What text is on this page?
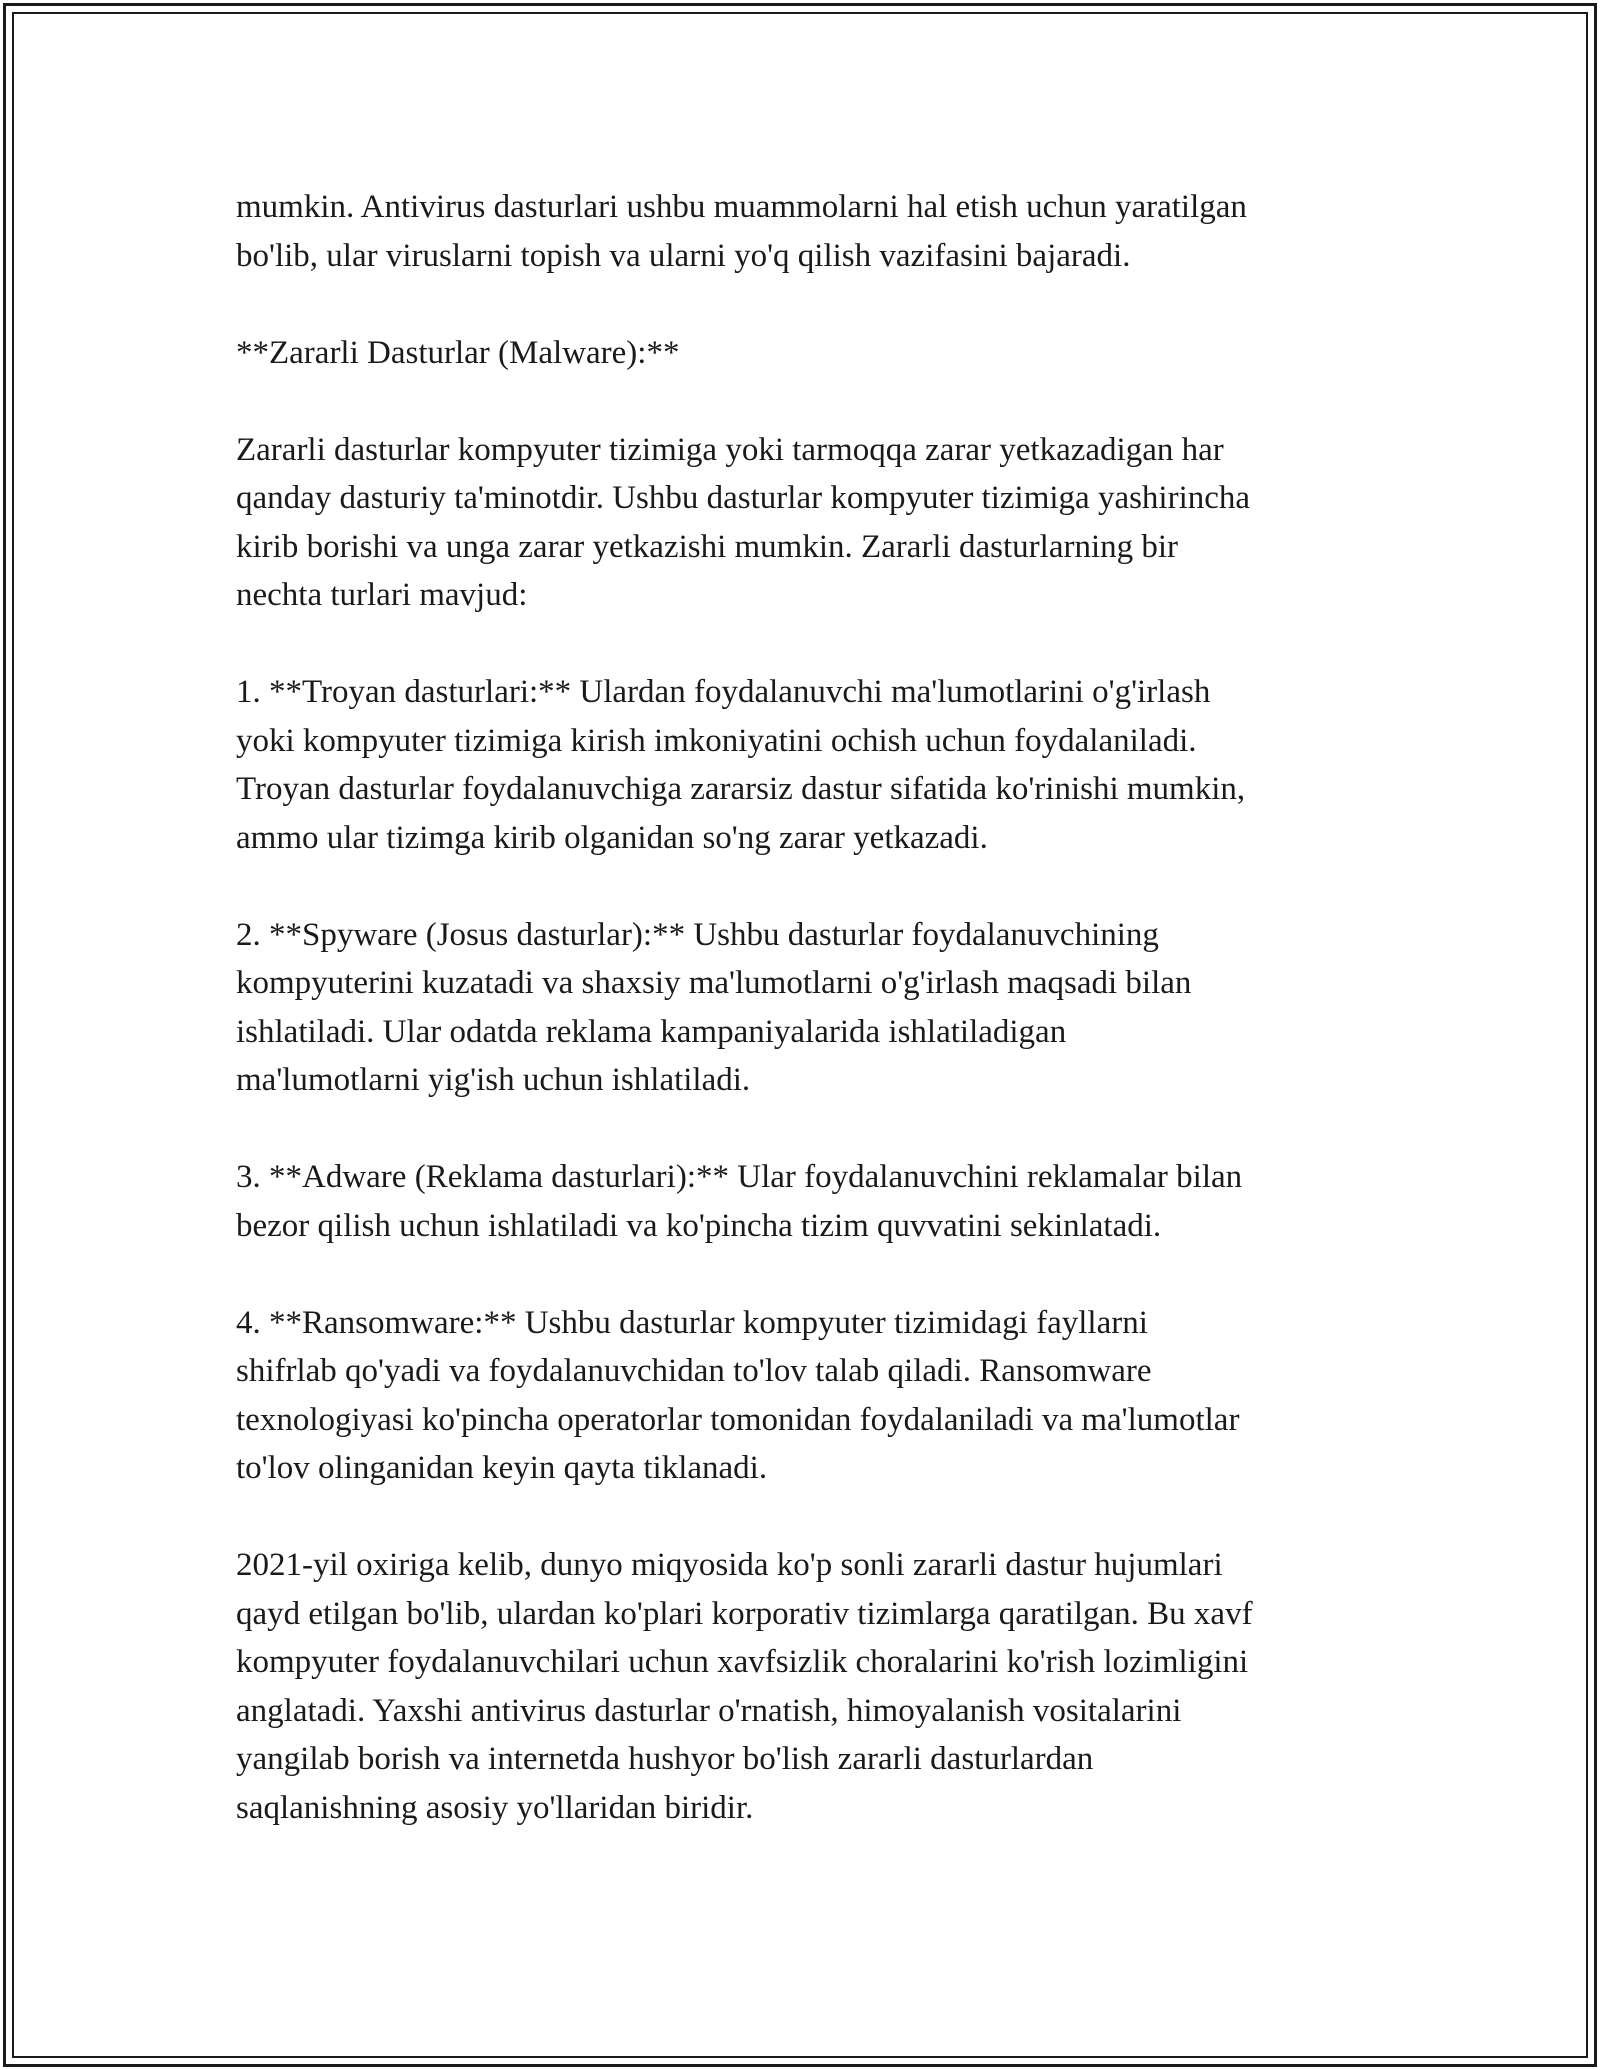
mumkin. Antivirus dasturlari ushbu muammolarni hal etish uchun yaratilgan
bo'lib, ular viruslarni topish va ularni yo'q qilish vazifasini bajaradi.

**Zararli Dasturlar (Malware):**

Zararli dasturlar kompyuter tizimiga yoki tarmoqqa zarar yetkazadigan har
qanday dasturiy ta'minotdir. Ushbu dasturlar kompyuter tizimiga yashirincha
kirib borishi va unga zarar yetkazishi mumkin. Zararli dasturlarning bir
nechta turlari mavjud:

1. **Troyan dasturlari:** Ulardan foydalanuvchi ma'lumotlarini o'g'irlash
yoki kompyuter tizimiga kirish imkoniyatini ochish uchun foydalaniladi.
Troyan dasturlar foydalanuvchiga zararsiz dastur sifatida ko'rinishi mumkin,
ammo ular tizimga kirib olganidan so'ng zarar yetkazadi.

2. **Spyware (Josus dasturlar):** Ushbu dasturlar foydalanuvchining
kompyuterini kuzatadi va shaxsiy ma'lumotlarni o'g'irlash maqsadi bilan
ishlatiladi. Ular odatda reklama kampaniyalarida ishlatiladigan
ma'lumotlarni yig'ish uchun ishlatiladi.

3. **Adware (Reklama dasturlari):** Ular foydalanuvchini reklamalar bilan
bezor qilish uchun ishlatiladi va ko'pincha tizim quvvatini sekinlatadi.

4. **Ransomware:** Ushbu dasturlar kompyuter tizimidagi fayllarni
shifrlab qo'yadi va foydalanuvchidan to'lov talab qiladi. Ransomware
texnologiyasi ko'pincha operatorlar tomonidan foydalaniladi va ma'lumotlar
to'lov olinganidan keyin qayta tiklanadi.

2021-yil oxiriga kelib, dunyo miqyosida ko'p sonli zararli dastur hujumlari
qayd etilgan bo'lib, ulardan ko'plari korporativ tizimlarga qaratilgan. Bu xavf
kompyuter foydalanuvchilari uchun xavfsizlik choralarini ko'rish lozimligini
anglatadi. Yaxshi antivirus dasturlar o'rnatish, himoyalanish vositalarini
yangilab borish va internetda hushyor bo'lish zararli dasturlardan
saqlanishning asosiy yo'llaridan biridir.
